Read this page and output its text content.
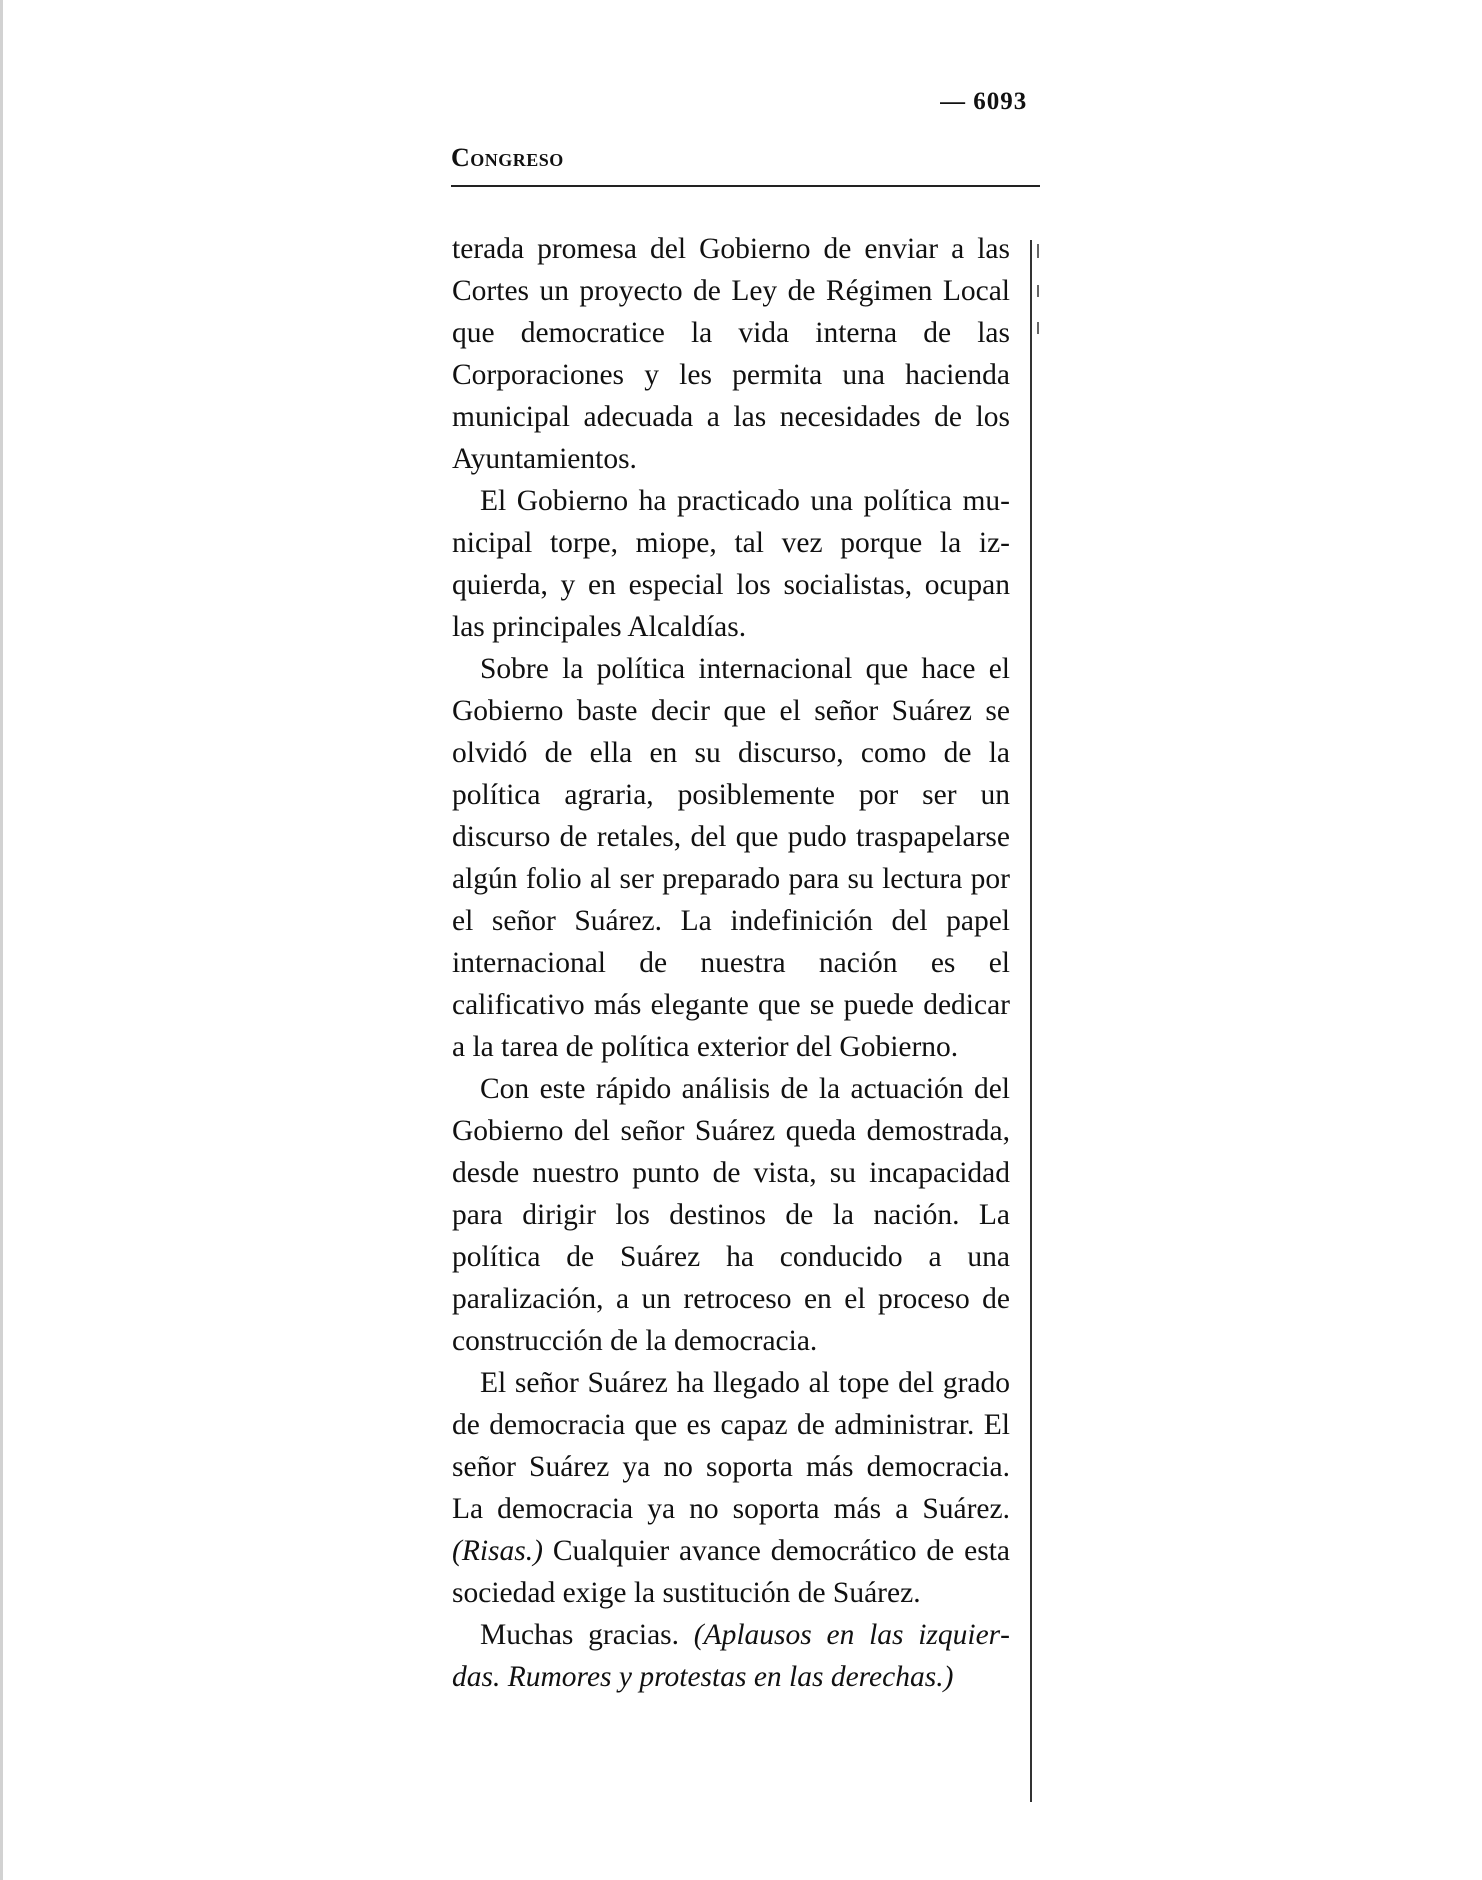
— 6093
Congreso

terada promesa del Gobierno de enviar a las Cortes un proyecto de Ley de Régimen Local que democratice la vida interna de las Corporaciones y les permita una hacienda municipal adecuada a las necesidades de los Ayuntamientos.

El Gobierno ha practicado una política municipal torpe, miope, tal vez porque la izquierda, y en especial los socialistas, ocupan las principales Alcaldías.

Sobre la política internacional que hace el Gobierno baste decir que el señor Suárez se olvidó de ella en su discurso, como de la política agraria, posiblemente por ser un discurso de retales, del que pudo traspapelarse algún folio al ser preparado para su lectura por el señor Suárez. La indefinición del papel internacional de nuestra nación es el calificativo más elegante que se puede dedicar a la tarea de política exterior del Gobierno.

Con este rápido análisis de la actuación del Gobierno del señor Suárez queda demostrada, desde nuestro punto de vista, su incapacidad para dirigir los destinos de la nación. La política de Suárez ha conducido a una paralización, a un retroceso en el proceso de construcción de la democracia.

El señor Suárez ha llegado al tope del grado de democracia que es capaz de administrar. El señor Suárez ya no soporta más democracia. La democracia ya no soporta más a Suárez. (Risas.) Cualquier avance democrático de esta sociedad exige la sustitución de Suárez.

Muchas gracias. (Aplausos en las izquierdas. Rumores y protestas en las derechas.)
